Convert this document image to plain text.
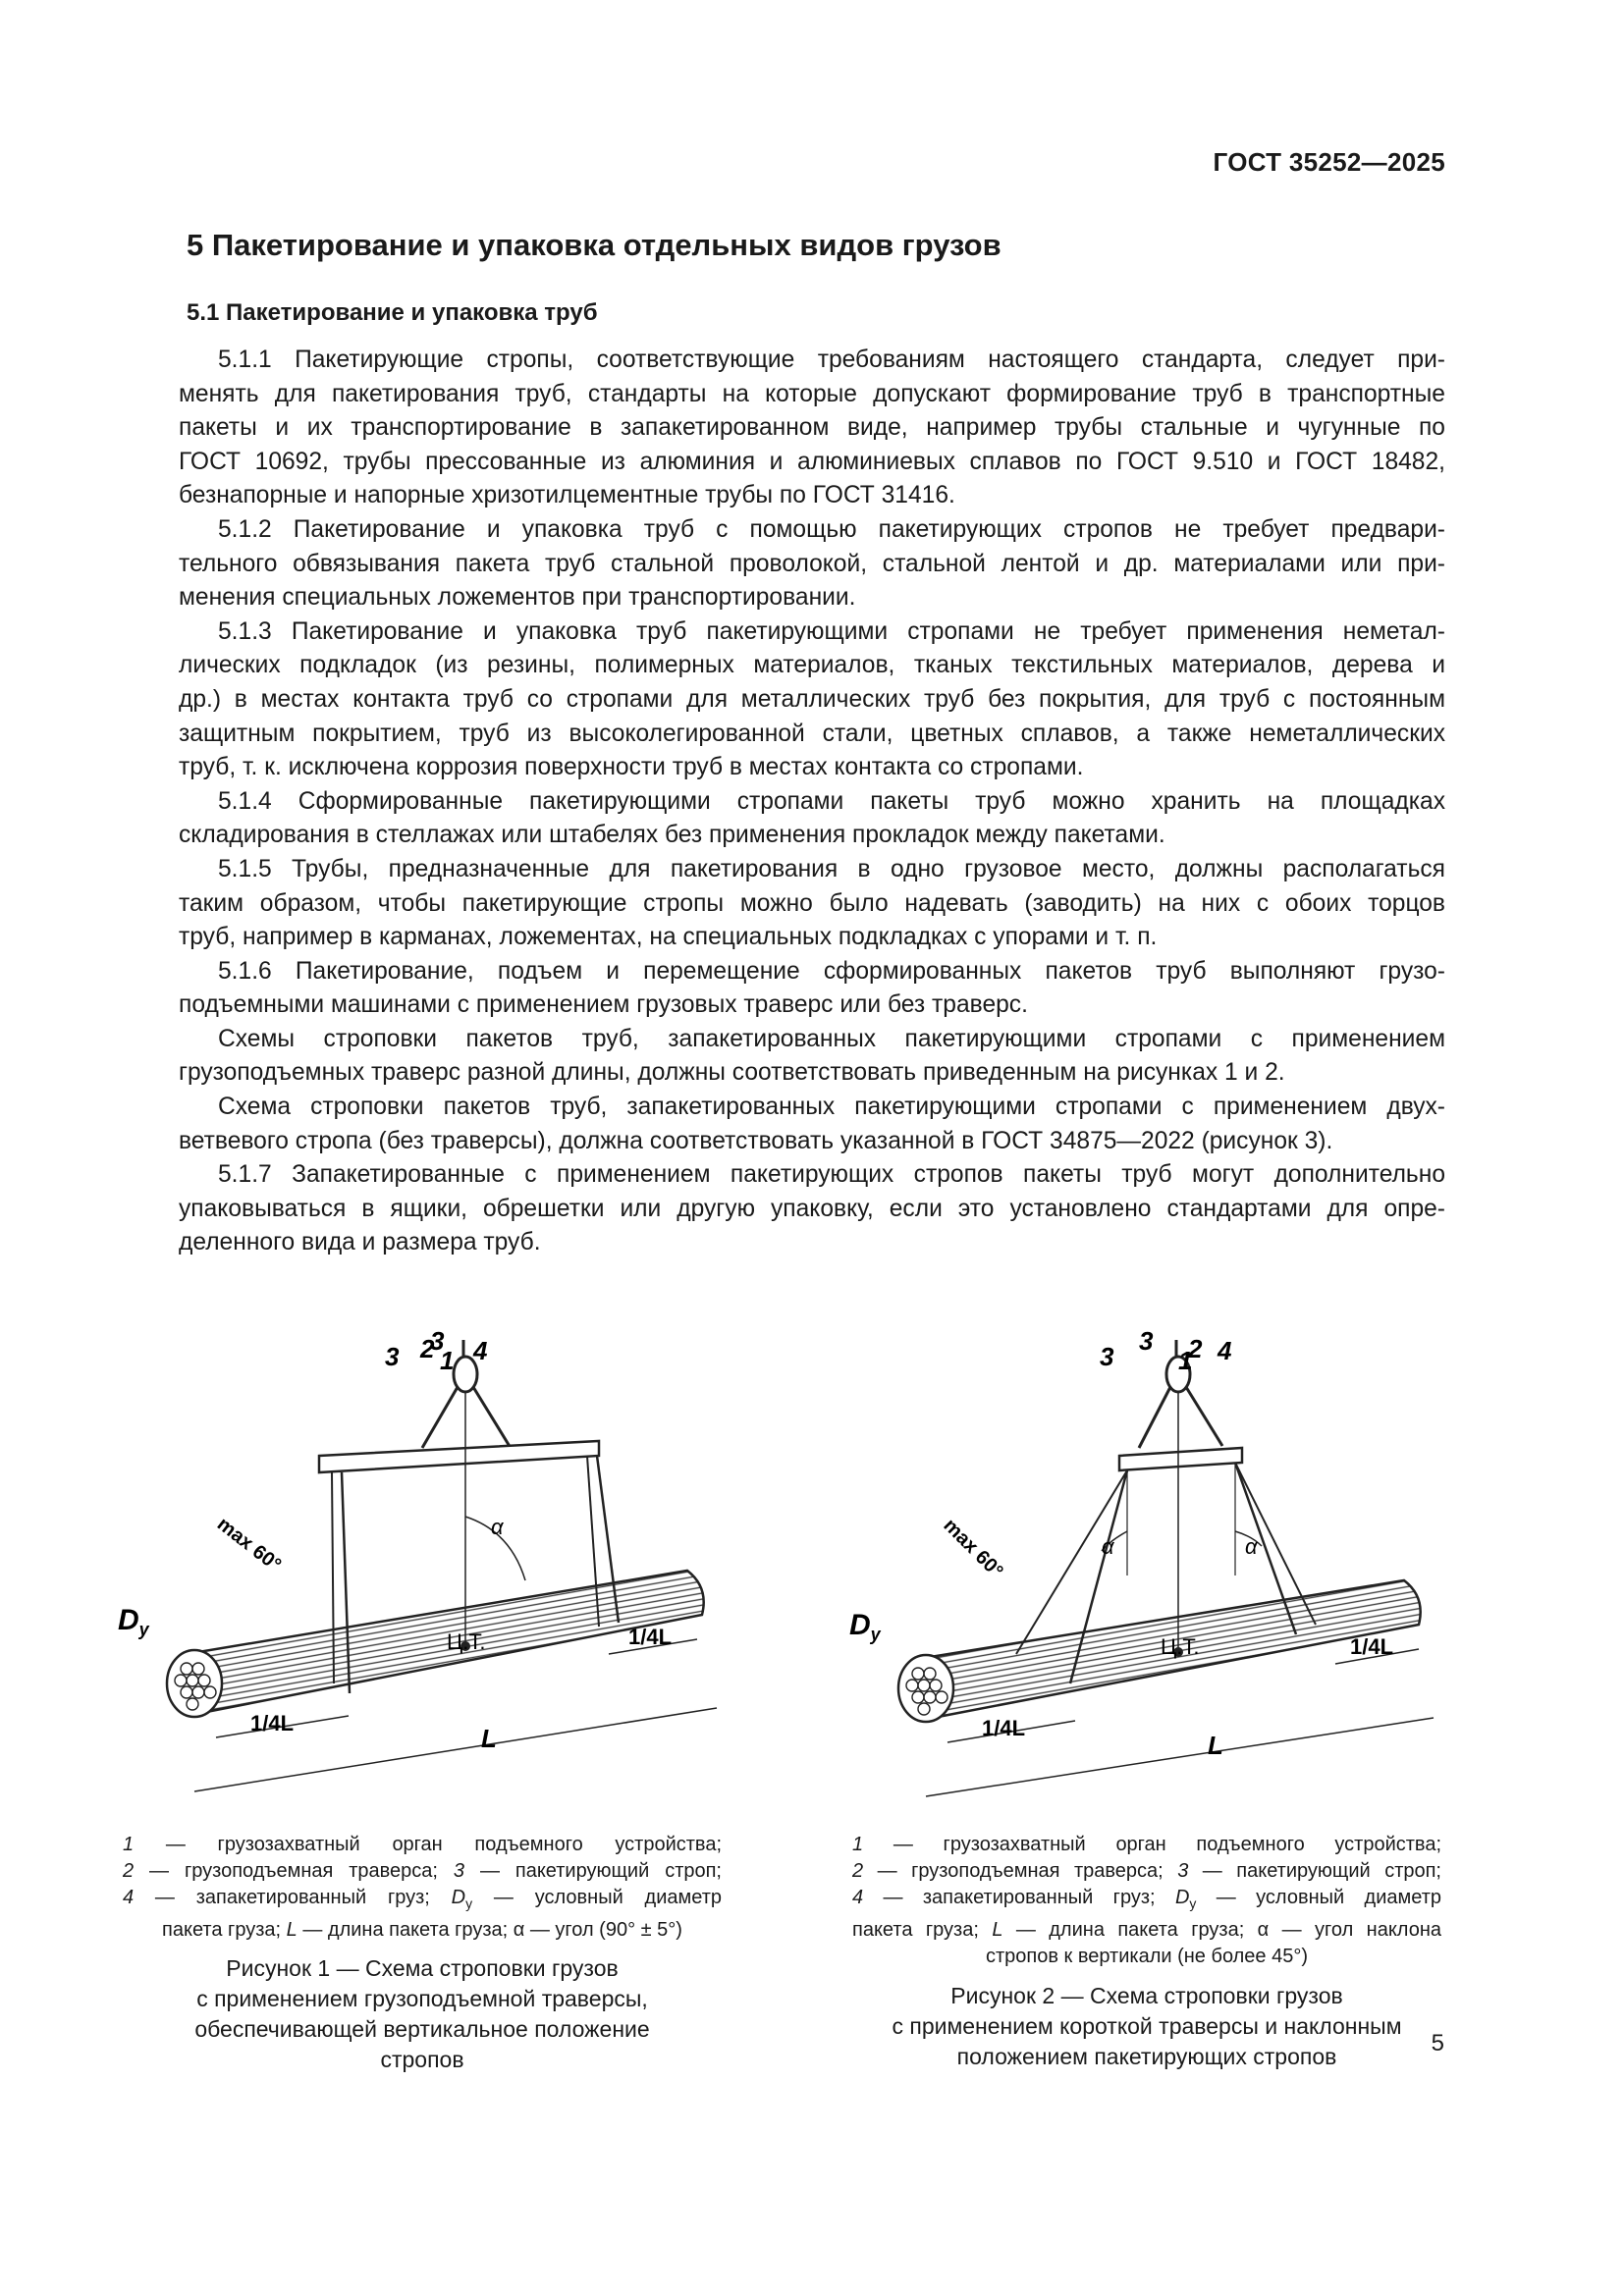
ГОСТ 35252—2025
5 Пакетирование и упаковка отдельных видов грузов
5.1 Пакетирование и упаковка труб
5.1.1 Пакетирующие стропы, соответствующие требованиям настоящего стандарта, следует при-
менять для пакетирования труб, стандарты на которые допускают формирование труб в транспортные
пакеты и их транспортирование в запакетированном виде, например трубы стальные и чугунные по
ГОСТ 10692, трубы прессованные из алюминия и алюминиевых сплавов по ГОСТ 9.510 и ГОСТ 18482,
безнапорные и напорные хризотилцементные трубы по ГОСТ 31416.
5.1.2 Пакетирование и упаковка труб с помощью пакетирующих стропов не требует предвари-
тельного обвязывания пакета труб стальной проволокой, стальной лентой и др. материалами или при-
менения специальных ложементов при транспортировании.
5.1.3 Пакетирование и упаковка труб пакетирующими стропами не требует применения неметал-
лических подкладок (из резины, полимерных материалов, тканых текстильных материалов, дерева и
др.) в местах контакта труб со стропами для металлических труб без покрытия, для труб с постоянным
защитным покрытием, труб из высоколегированной стали, цветных сплавов, а также неметаллических
труб, т. к. исключена коррозия поверхности труб в местах контакта со стропами.
5.1.4 Сформированные пакетирующими стропами пакеты труб можно хранить на площадках
складирования в стеллажах или штабелях без применения прокладок между пакетами.
5.1.5 Трубы, предназначенные для пакетирования в одно грузовое место, должны располагаться
таким образом, чтобы пакетирующие стропы можно было надевать (заводить) на них с обоих торцов
труб, например в карманах, ложементах, на специальных подкладках с упорами и т. п.
5.1.6 Пакетирование, подъем и перемещение сформированных пакетов труб выполняют грузо-
подъемными машинами с применением грузовых траверс или без траверс.
Схемы строповки пакетов труб, запакетированных пакетирующими стропами с применением
грузоподъемных траверс разной длины, должны соответствовать приведенным на рисунках 1 и 2.
Схема строповки пакетов труб, запакетированных пакетирующими стропами с применением двух-
ветвевого стропа (без траверсы), должна соответствовать указанной в ГОСТ 34875—2022 (рисунок 3).
5.1.7 Запакетированные с применением пакетирующих стропов пакеты труб могут дополнительно
упаковываться в ящики, обрешетки или другую упаковку, если это установлено стандартами для опре-
деленного вида и размера труб.
1
2
3
3 4
$D_y$	Ц.Т.
α
max 60°
1/4L
1/4L
L
1 — грузозахватный орган подъемного устройства;
2 — грузоподъемная траверса; 3 — пакетирующий строп;
4 — запакетированный груз; $D_y$ — условный диаметр
пакета груза; L — длина пакета груза; α — угол (90° ± 5°)
Рисунок 1 — Схема строповки грузов
с применением грузоподъемной траверсы,
обеспечивающей вертикальное положение
стропов
1
2
3
3	4
$D_y$	Ц.Т.
α	α
max 60°
1/4L
1/4L
L
1 — грузозахватный орган подъемного устройства;
2 — грузоподъемная траверса; 3 — пакетирующий строп;
4 — запакетированный груз; $D_y$ — условный диаметр
пакета груза; L — длина пакета груза; α — угол наклона
стропов к вертикали (не более 45°)
Рисунок 2 — Схема строповки грузов
с применением короткой траверсы и наклонным
положением пакетирующих стропов	5
